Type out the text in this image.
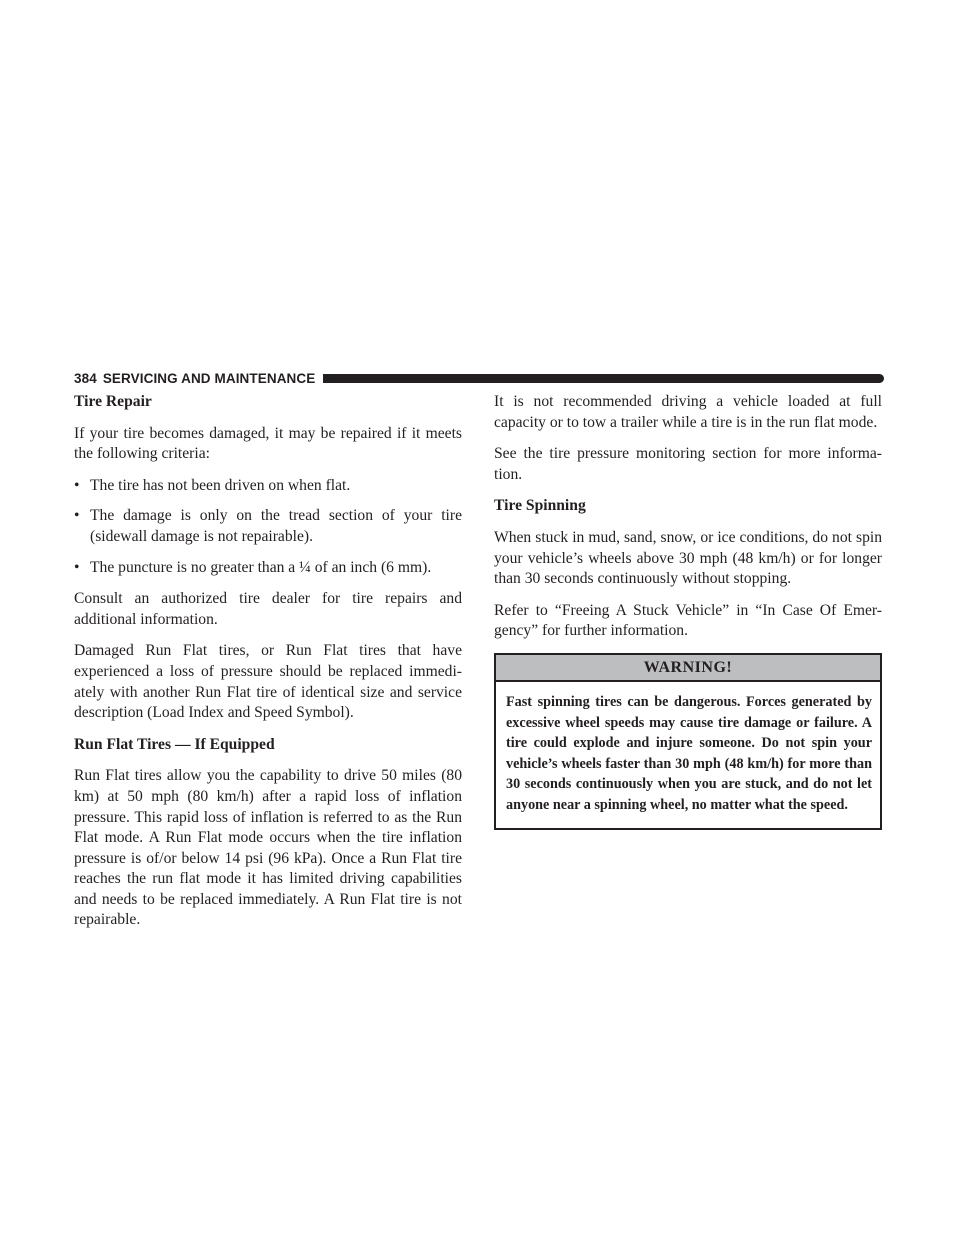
384 SERVICING AND MAINTENANCE
Tire Repair

If your tire becomes damaged, it may be repaired if it meets the following criteria:

• The tire has not been driven on when flat.
• The damage is only on the tread section of your tire (sidewall damage is not repairable).
• The puncture is no greater than a ¼ of an inch (6 mm).

Consult an authorized tire dealer for tire repairs and additional information.

Damaged Run Flat tires, or Run Flat tires that have experienced a loss of pressure should be replaced immedi-ately with another Run Flat tire of identical size and service description (Load Index and Speed Symbol).

Run Flat Tires — If Equipped

Run Flat tires allow you the capability to drive 50 miles (80 km) at 50 mph (80 km/h) after a rapid loss of inflation pressure. This rapid loss of inflation is referred to as the Run Flat mode. A Run Flat mode occurs when the tire inflation pressure is of/or below 14 psi (96 kPa). Once a Run Flat tire reaches the run flat mode it has limited driving capabilities and needs to be replaced immediately. A Run Flat tire is not repairable.

It is not recommended driving a vehicle loaded at full capacity or to tow a trailer while a tire is in the run flat mode.

See the tire pressure monitoring section for more informa-tion.

Tire Spinning

When stuck in mud, sand, snow, or ice conditions, do not spin your vehicle’s wheels above 30 mph (48 km/h) or for longer than 30 seconds continuously without stopping.

Refer to “Freeing A Stuck Vehicle” in “In Case Of Emer-gency” for further information.

WARNING!
Fast spinning tires can be dangerous. Forces generated by excessive wheel speeds may cause tire damage or failure. A tire could explode and injure someone. Do not spin your vehicle’s wheels faster than 30 mph (48 km/h) for more than 30 seconds continuously when you are stuck, and do not let anyone near a spinning wheel, no matter what the speed.
